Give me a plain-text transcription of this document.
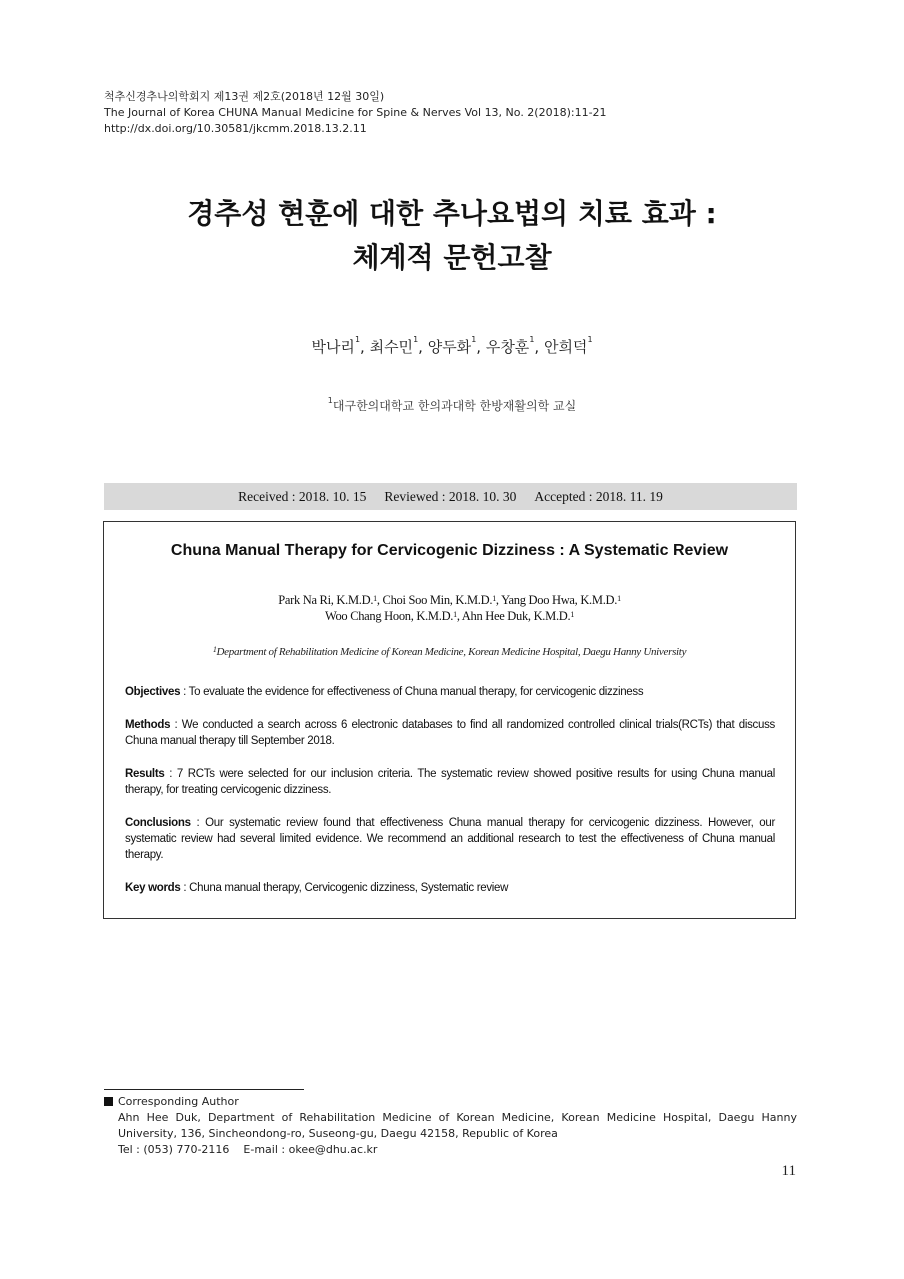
척추신경추나의학회지 제13권 제2호(2018년 12월 30일)
The Journal of Korea CHUNA Manual Medicine for Spine & Nerves Vol 13, No. 2(2018):11-21
http://dx.doi.org/10.30581/jkcmm.2018.13.2.11
경추성 현훈에 대한 추나요법의 치료 효과 :
체계적 문헌고찰
박나리$^1$, 최수민$^1$, 양두화$^1$, 우창훈$^1$, 안희덕$^1$
$^1$대구한의대학교 한의과대학 한방재활의학 교실
Received : 2018. 10. 15 Reviewed : 2018. 10. 30 Accepted : 2018. 11. 19
Chuna Manual Therapy for Cervicogenic Dizziness : A Systematic Review
Park Na Ri, K.M.D.$^1$, Choi Soo Min, K.M.D.$^1$, Yang Doo Hwa, K.M.D.$^1$
Woo Chang Hoon, K.M.D.$^1$, Ahn Hee Duk, K.M.D.$^1$
$^1$Department of Rehabilitation Medicine of Korean Medicine, Korean Medicine Hospital, Daegu Hanny University

Objectives : To evaluate the evidence for effectiveness of Chuna manual therapy, for cervicogenic dizziness

Methods : We conducted a search across 6 electronic databases to find all randomized controlled clinical trials(RCTs) that discuss Chuna manual therapy till September 2018.

Results : 7 RCTs were selected for our inclusion criteria. The systematic review showed positive results for using Chuna manual therapy, for treating cervicogenic dizziness.

Conclusions : Our systematic review found that effectiveness Chuna manual therapy for cervicogenic dizziness. However, our systematic review had several limited evidence. We recommend an additional research to test the effectiveness of Chuna manual therapy.

Key words : Chuna manual therapy, Cervicogenic dizziness, Systematic review

Corresponding Author
Ahn Hee Duk, Department of Rehabilitation Medicine of Korean Medicine, Korean Medicine Hospital, Daegu Hanny University, 136, Sincheondong-ro, Suseong-gu, Daegu 42158, Republic of Korea
Tel : (053) 770-2116 E-mail : okee@dhu.ac.kr
11
